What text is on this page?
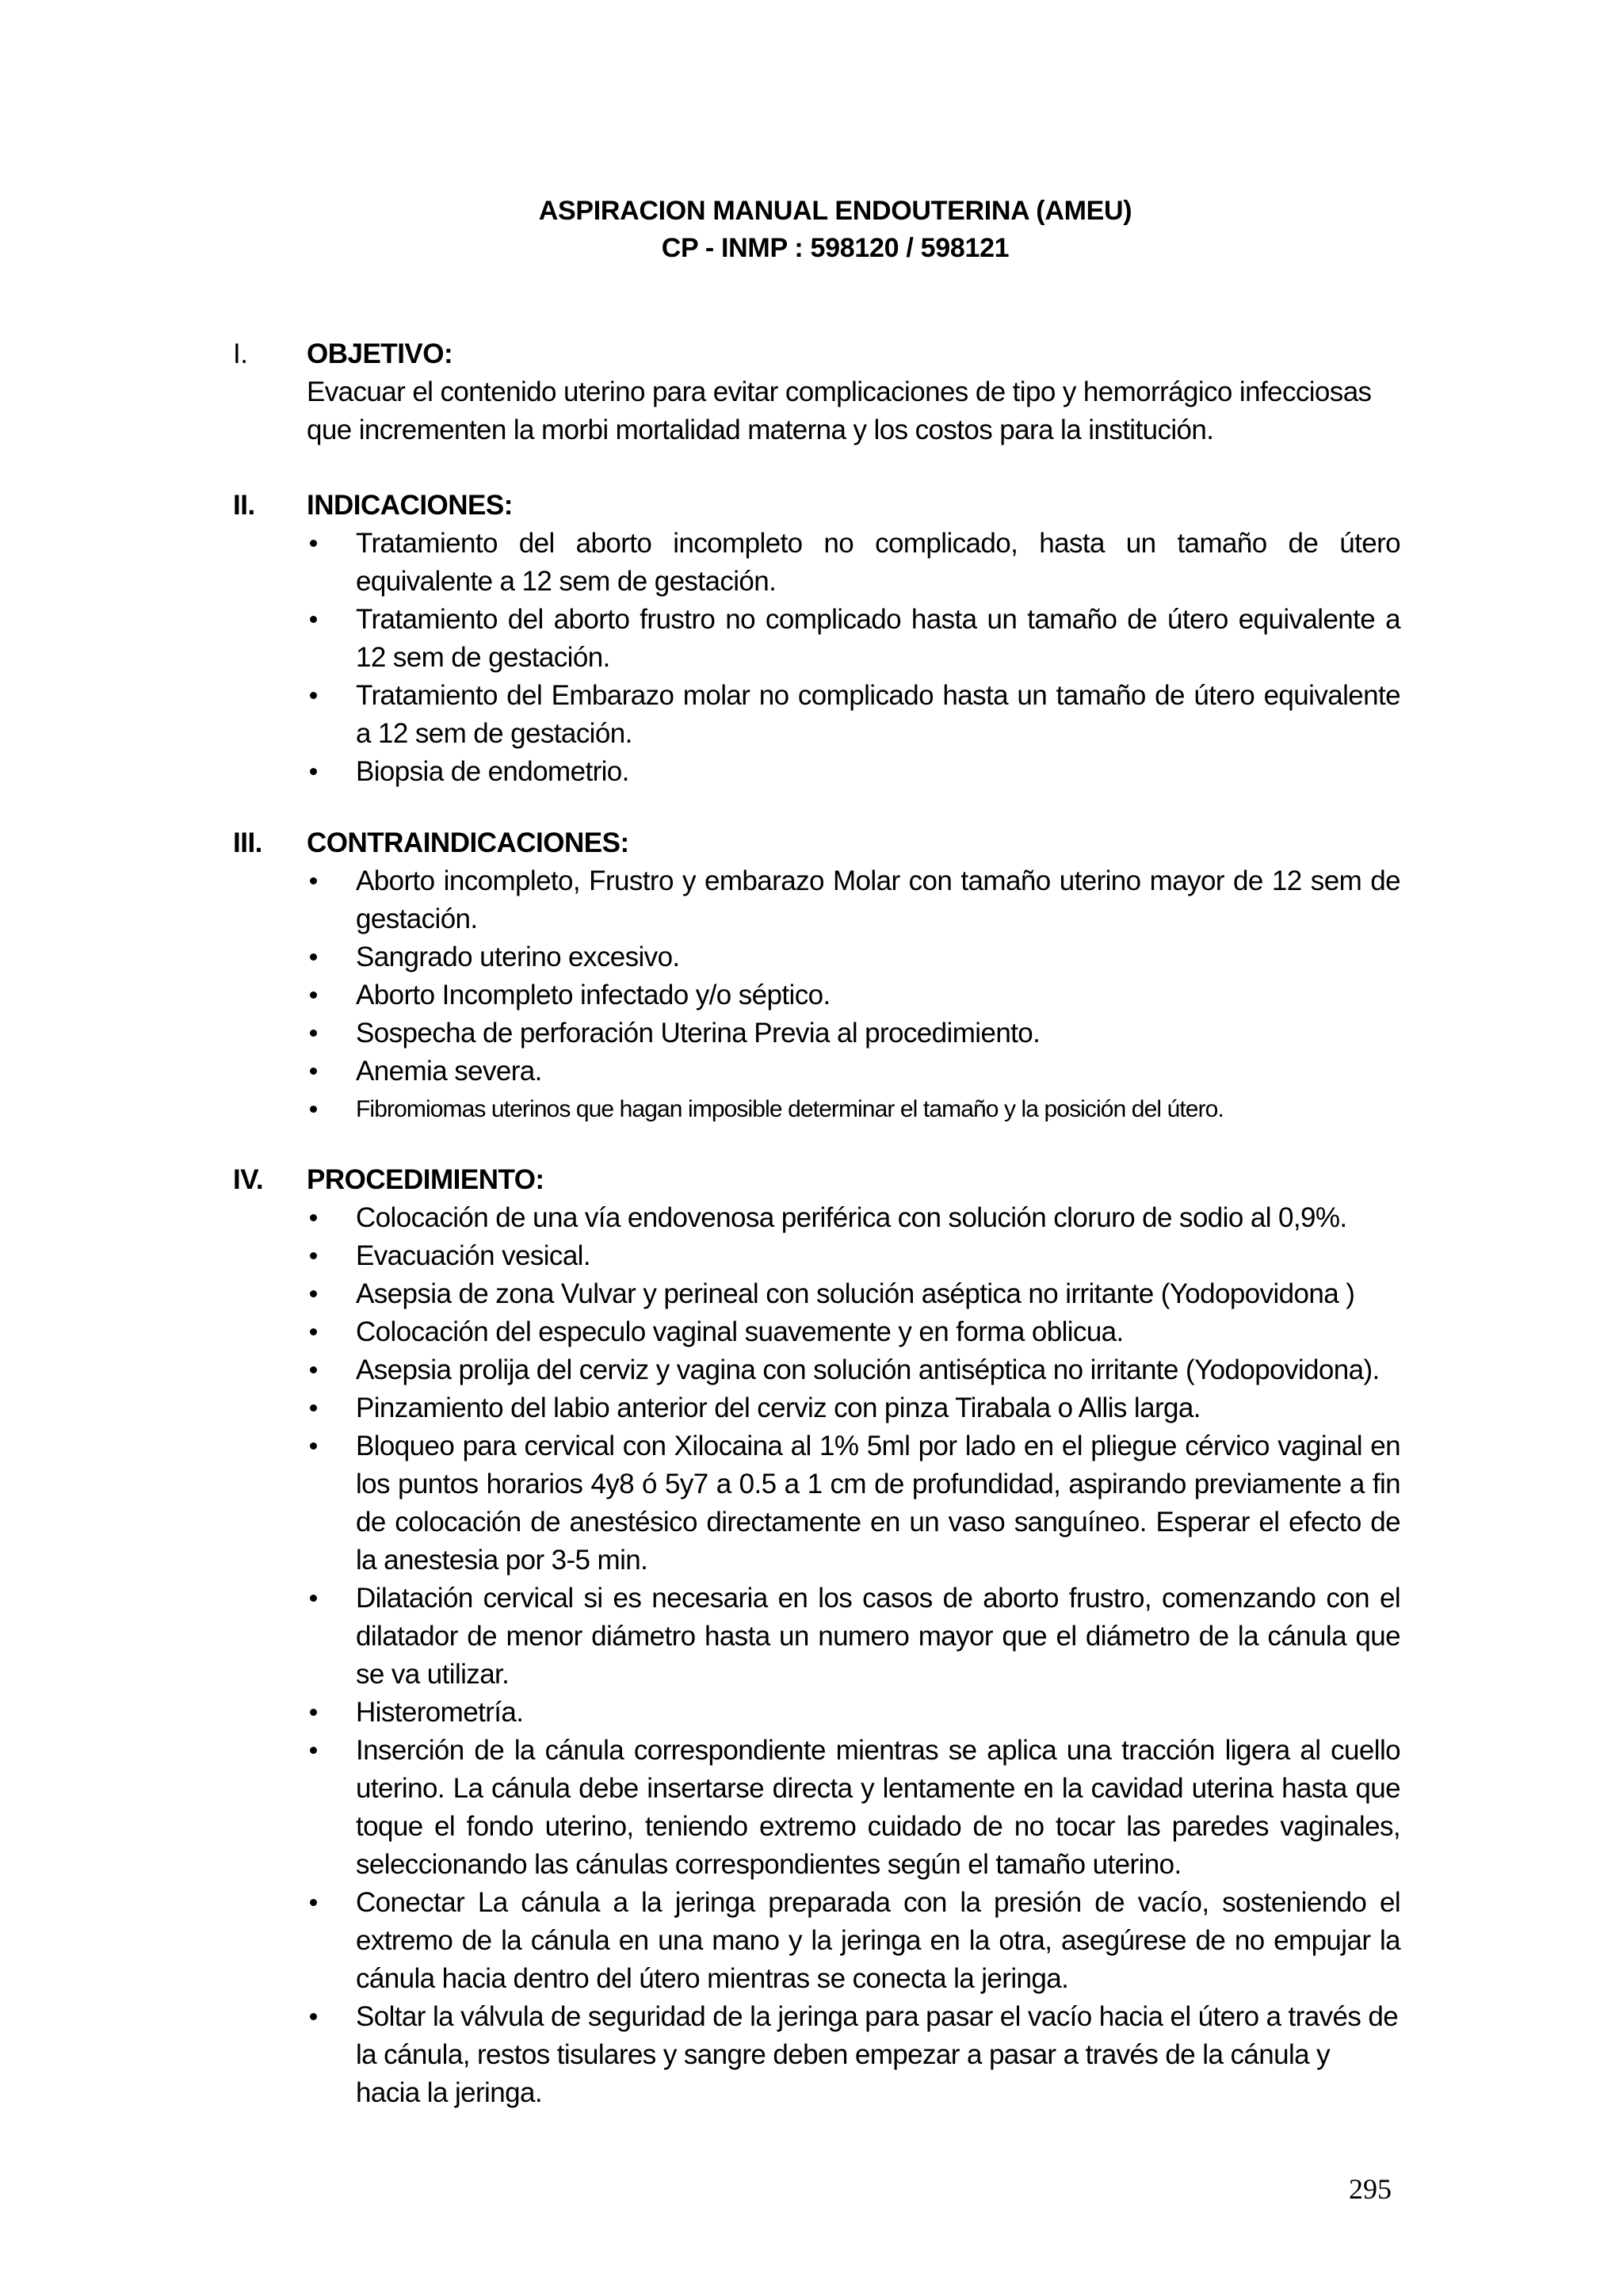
ASPIRACION MANUAL ENDOUTERINA (AMEU)
CP - INMP : 598120 / 598121
I. OBJETIVO:

Evacuar el contenido uterino para evitar complicaciones de tipo y hemorrágico infecciosas que incrementen la morbi mortalidad materna y los costos para la institución.

II. INDICACIONES:
Tratamiento del aborto incompleto no complicado, hasta un tamaño de útero equivalente a 12 sem de gestación.
Tratamiento del aborto frustro no complicado hasta un tamaño de útero equivalente a 12 sem de gestación.
Tratamiento del Embarazo molar no complicado hasta un tamaño de útero equivalente a 12 sem de gestación.
Biopsia de endometrio.
III. CONTRAINDICACIONES:
Aborto incompleto, Frustro y embarazo Molar con tamaño uterino mayor de 12 sem de gestación.
Sangrado uterino excesivo.
Aborto Incompleto infectado y/o séptico.
Sospecha de perforación Uterina Previa al procedimiento.
Anemia severa.
Fibromiomas uterinos que hagan imposible determinar el tamaño y la posición del útero.
IV. PROCEDIMIENTO:
Colocación de una vía endovenosa periférica con solución cloruro de sodio al 0,9%.
Evacuación vesical.
Asepsia de zona Vulvar y perineal con solución aséptica no irritante (Yodopovidona )
Colocación del especulo vaginal suavemente y en forma oblicua.
Asepsia prolija del cerviz y vagina con solución antiséptica no irritante (Yodopovidona).
Pinzamiento del labio anterior del cerviz con pinza Tirabala o Allis larga.
Bloqueo para cervical con Xilocaina al 1% 5ml por lado en el pliegue cérvico vaginal en los puntos horarios 4y8 ó 5y7 a 0.5 a 1 cm de profundidad, aspirando previamente a fin de colocación de anestésico directamente en un vaso sanguíneo. Esperar el efecto de la anestesia por 3-5 min.
Dilatación cervical si es necesaria en los casos de aborto frustro, comenzando con el dilatador de menor diámetro hasta un numero mayor que el diámetro de la cánula que se va utilizar.
Histerometría.
Inserción de la cánula correspondiente mientras se aplica una tracción ligera al cuello uterino. La cánula debe insertarse directa y lentamente en la cavidad uterina hasta que toque el fondo uterino, teniendo extremo cuidado de no tocar las paredes vaginales, seleccionando las cánulas correspondientes según el tamaño uterino.
Conectar La cánula a la jeringa preparada con la presión de vacío, sosteniendo el extremo de la cánula en una mano y la jeringa en la otra, asegúrese de no empujar la cánula hacia dentro del útero mientras se conecta la jeringa.
Soltar la válvula de seguridad de la jeringa para pasar el vacío hacia el útero a través de la cánula, restos tisulares y sangre deben empezar a pasar a través de la cánula y hacia la jeringa.
295
